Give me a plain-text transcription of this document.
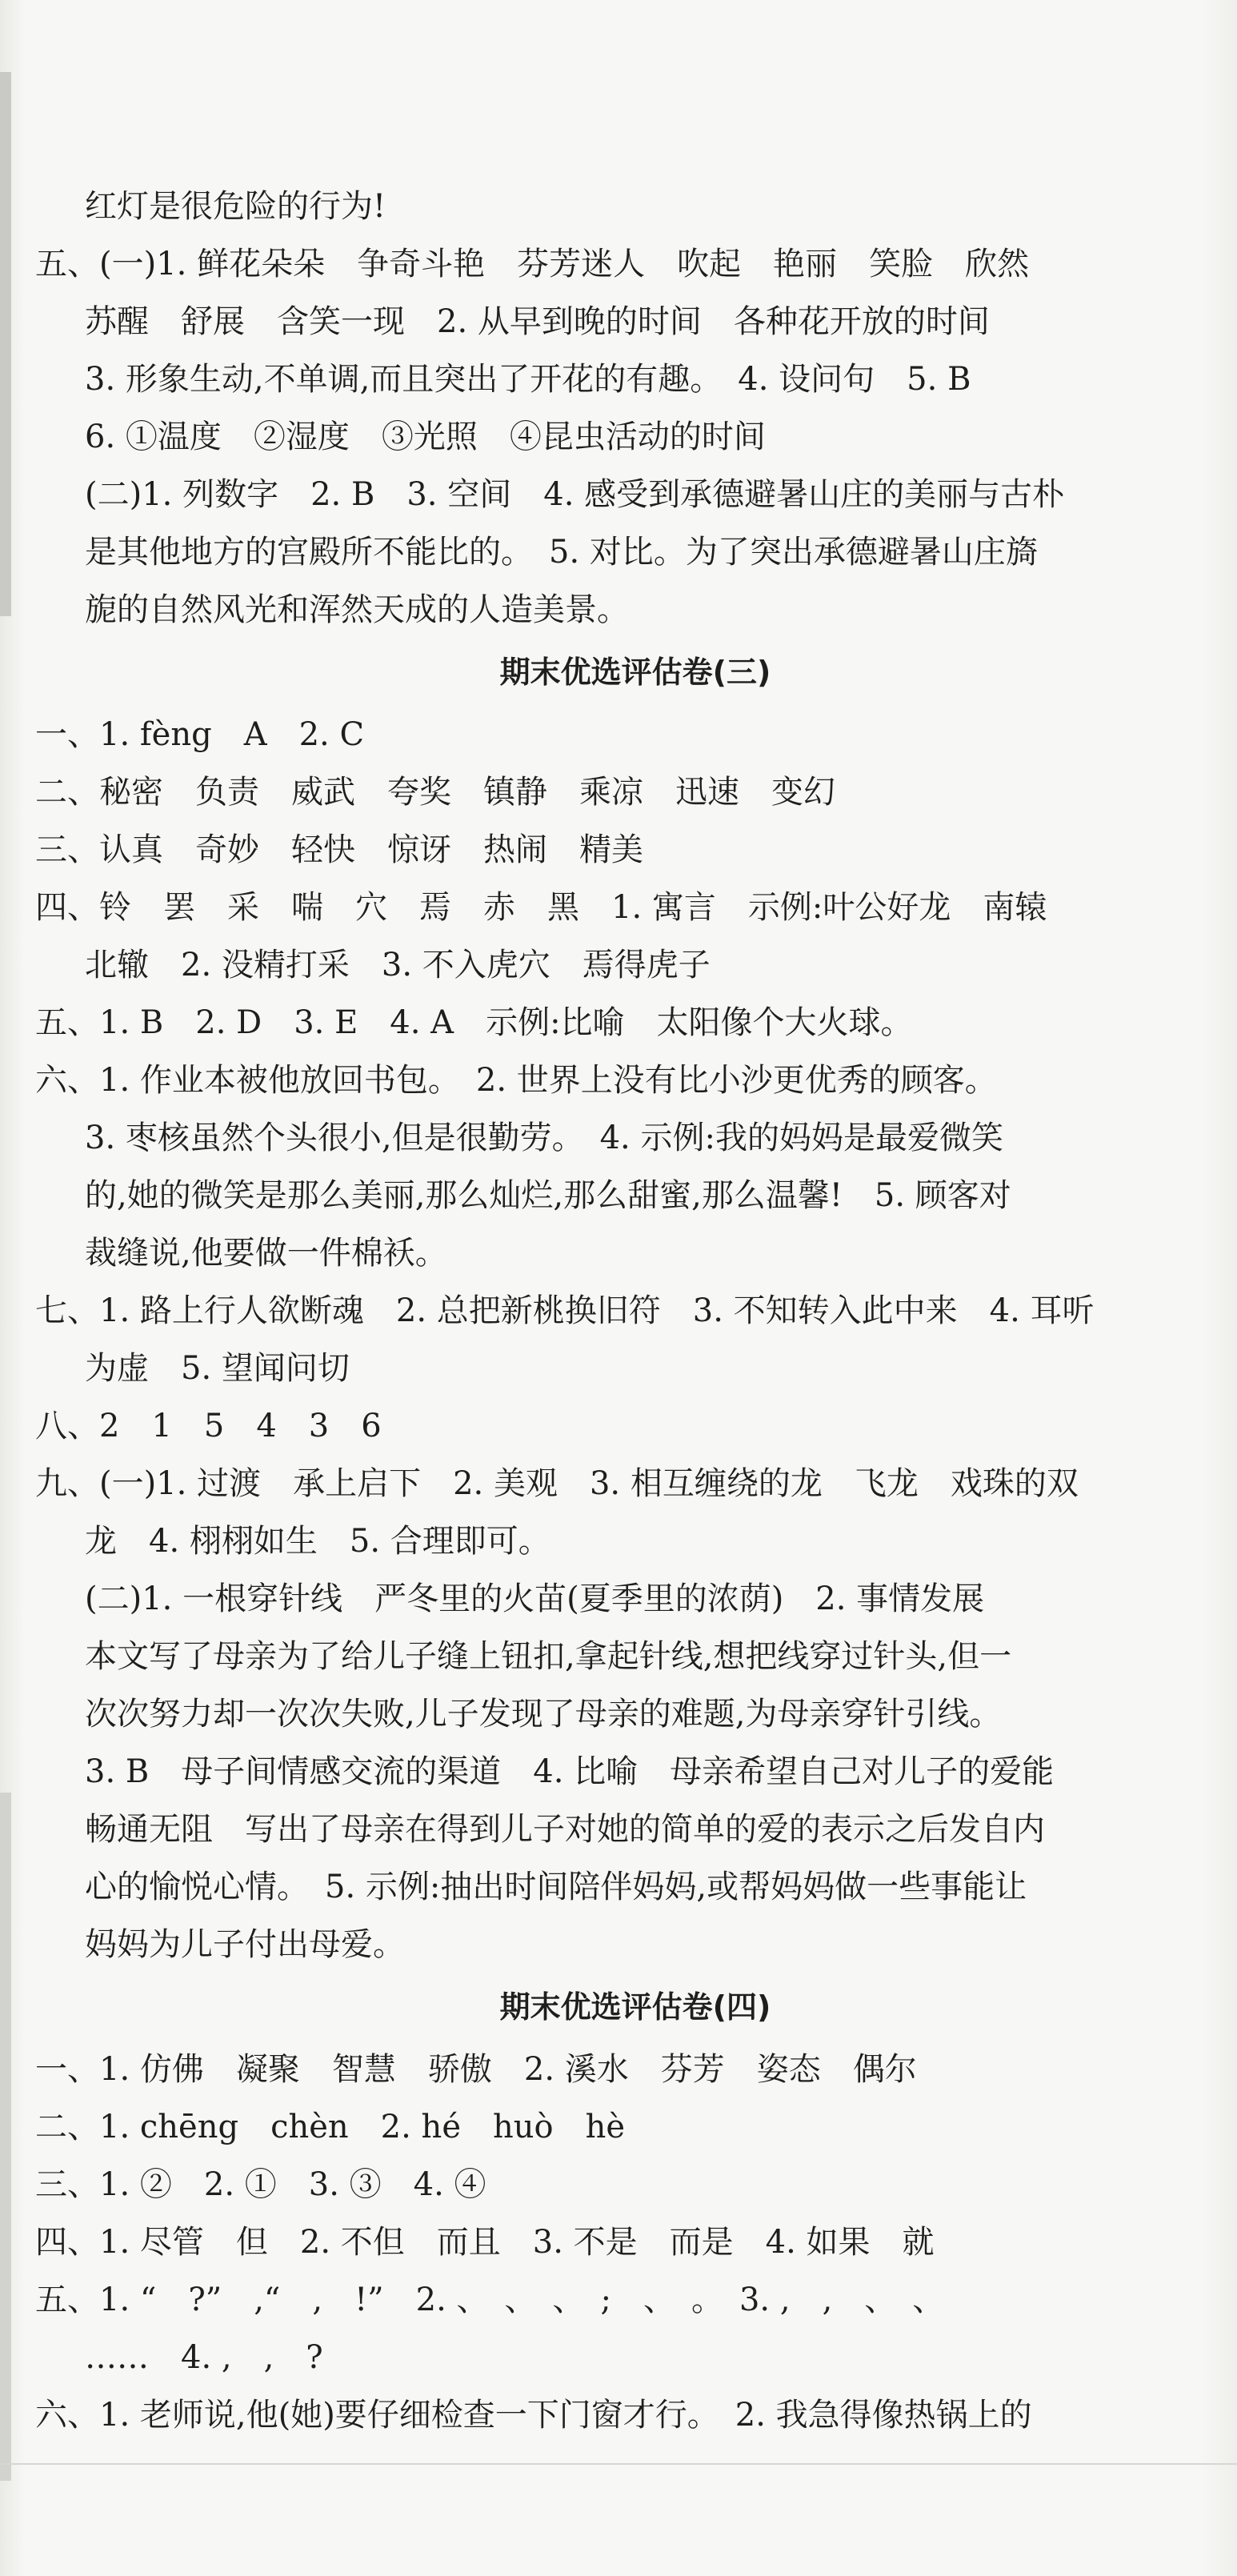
红灯是很危险的行为!
五、(一)1. 鲜花朵朵　争奇斗艳　芬芳迷人　吹起　艳丽　笑脸　欣然
苏醒　舒展　含笑一现　2. 从早到晚的时间　各种花开放的时间
3. 形象生动,不单调,而且突出了开花的有趣。　4. 设问句　5. B
6. ①温度　②湿度　③光照　④昆虫活动的时间
(二)1. 列数字　2. B　3. 空间　4. 感受到承德避暑山庄的美丽与古朴
是其他地方的宫殿所不能比的。　5. 对比。为了突出承德避暑山庄旖
旎的自然风光和浑然天成的人造美景。
期末优选评估卷(三)
一、1. fèng　A　2. C
二、秘密　负责　威武　夸奖　镇静　乘凉　迅速　变幻
三、认真　奇妙　轻快　惊讶　热闹　精美
四、铃　罢　采　喘　穴　焉　赤　黑　1. 寓言　示例:叶公好龙　南辕
北辙　2. 没精打采　3. 不入虎穴　焉得虎子
五、1. B　2. D　3. E　4. A　示例:比喻　太阳像个大火球。
六、1. 作业本被他放回书包。　2. 世界上没有比小沙更优秀的顾客。
3. 枣核虽然个头很小,但是很勤劳。　4. 示例:我的妈妈是最爱微笑
的,她的微笑是那么美丽,那么灿烂,那么甜蜜,那么温馨!　5. 顾客对
裁缝说,他要做一件棉袄。
七、1. 路上行人欲断魂　2. 总把新桃换旧符　3. 不知转入此中来　4. 耳听
为虚　5. 望闻问切
八、2　1　5　4　3　6
九、(一)1. 过渡　承上启下　2. 美观　3. 相互缠绕的龙　飞龙　戏珠的双
龙　4. 栩栩如生　5. 合理即可。
(二)1. 一根穿针线　严冬里的火苗(夏季里的浓荫)　2. 事情发展
本文写了母亲为了给儿子缝上钮扣,拿起针线,想把线穿过针头,但一
次次努力却一次次失败,儿子发现了母亲的难题,为母亲穿针引线。
3. B　母子间情感交流的渠道　4. 比喻　母亲希望自己对儿子的爱能
畅通无阻　写出了母亲在得到儿子对她的简单的爱的表示之后发自内
心的愉悦心情。　5. 示例:抽出时间陪伴妈妈,或帮妈妈做一些事能让
妈妈为儿子付出母爱。
期末优选评估卷(四)
一、1. 仿佛　凝聚　智慧　骄傲　2. 溪水　芬芳　姿态　偶尔
二、1. chēng　chèn　2. hé　huò　hè
三、1. ②　2. ①　3. ③　4. ④
四、1. 尽管　但　2. 不但　而且　3. 不是　而是　4. 如果　就
五、1. “　?”　,“　,　!”　2. 、　、　、　;　、　。　3. ,　,　、　、
……　4. ,　,　?
六、1. 老师说,他(她)要仔细检查一下门窗才行。　2. 我急得像热锅上的
